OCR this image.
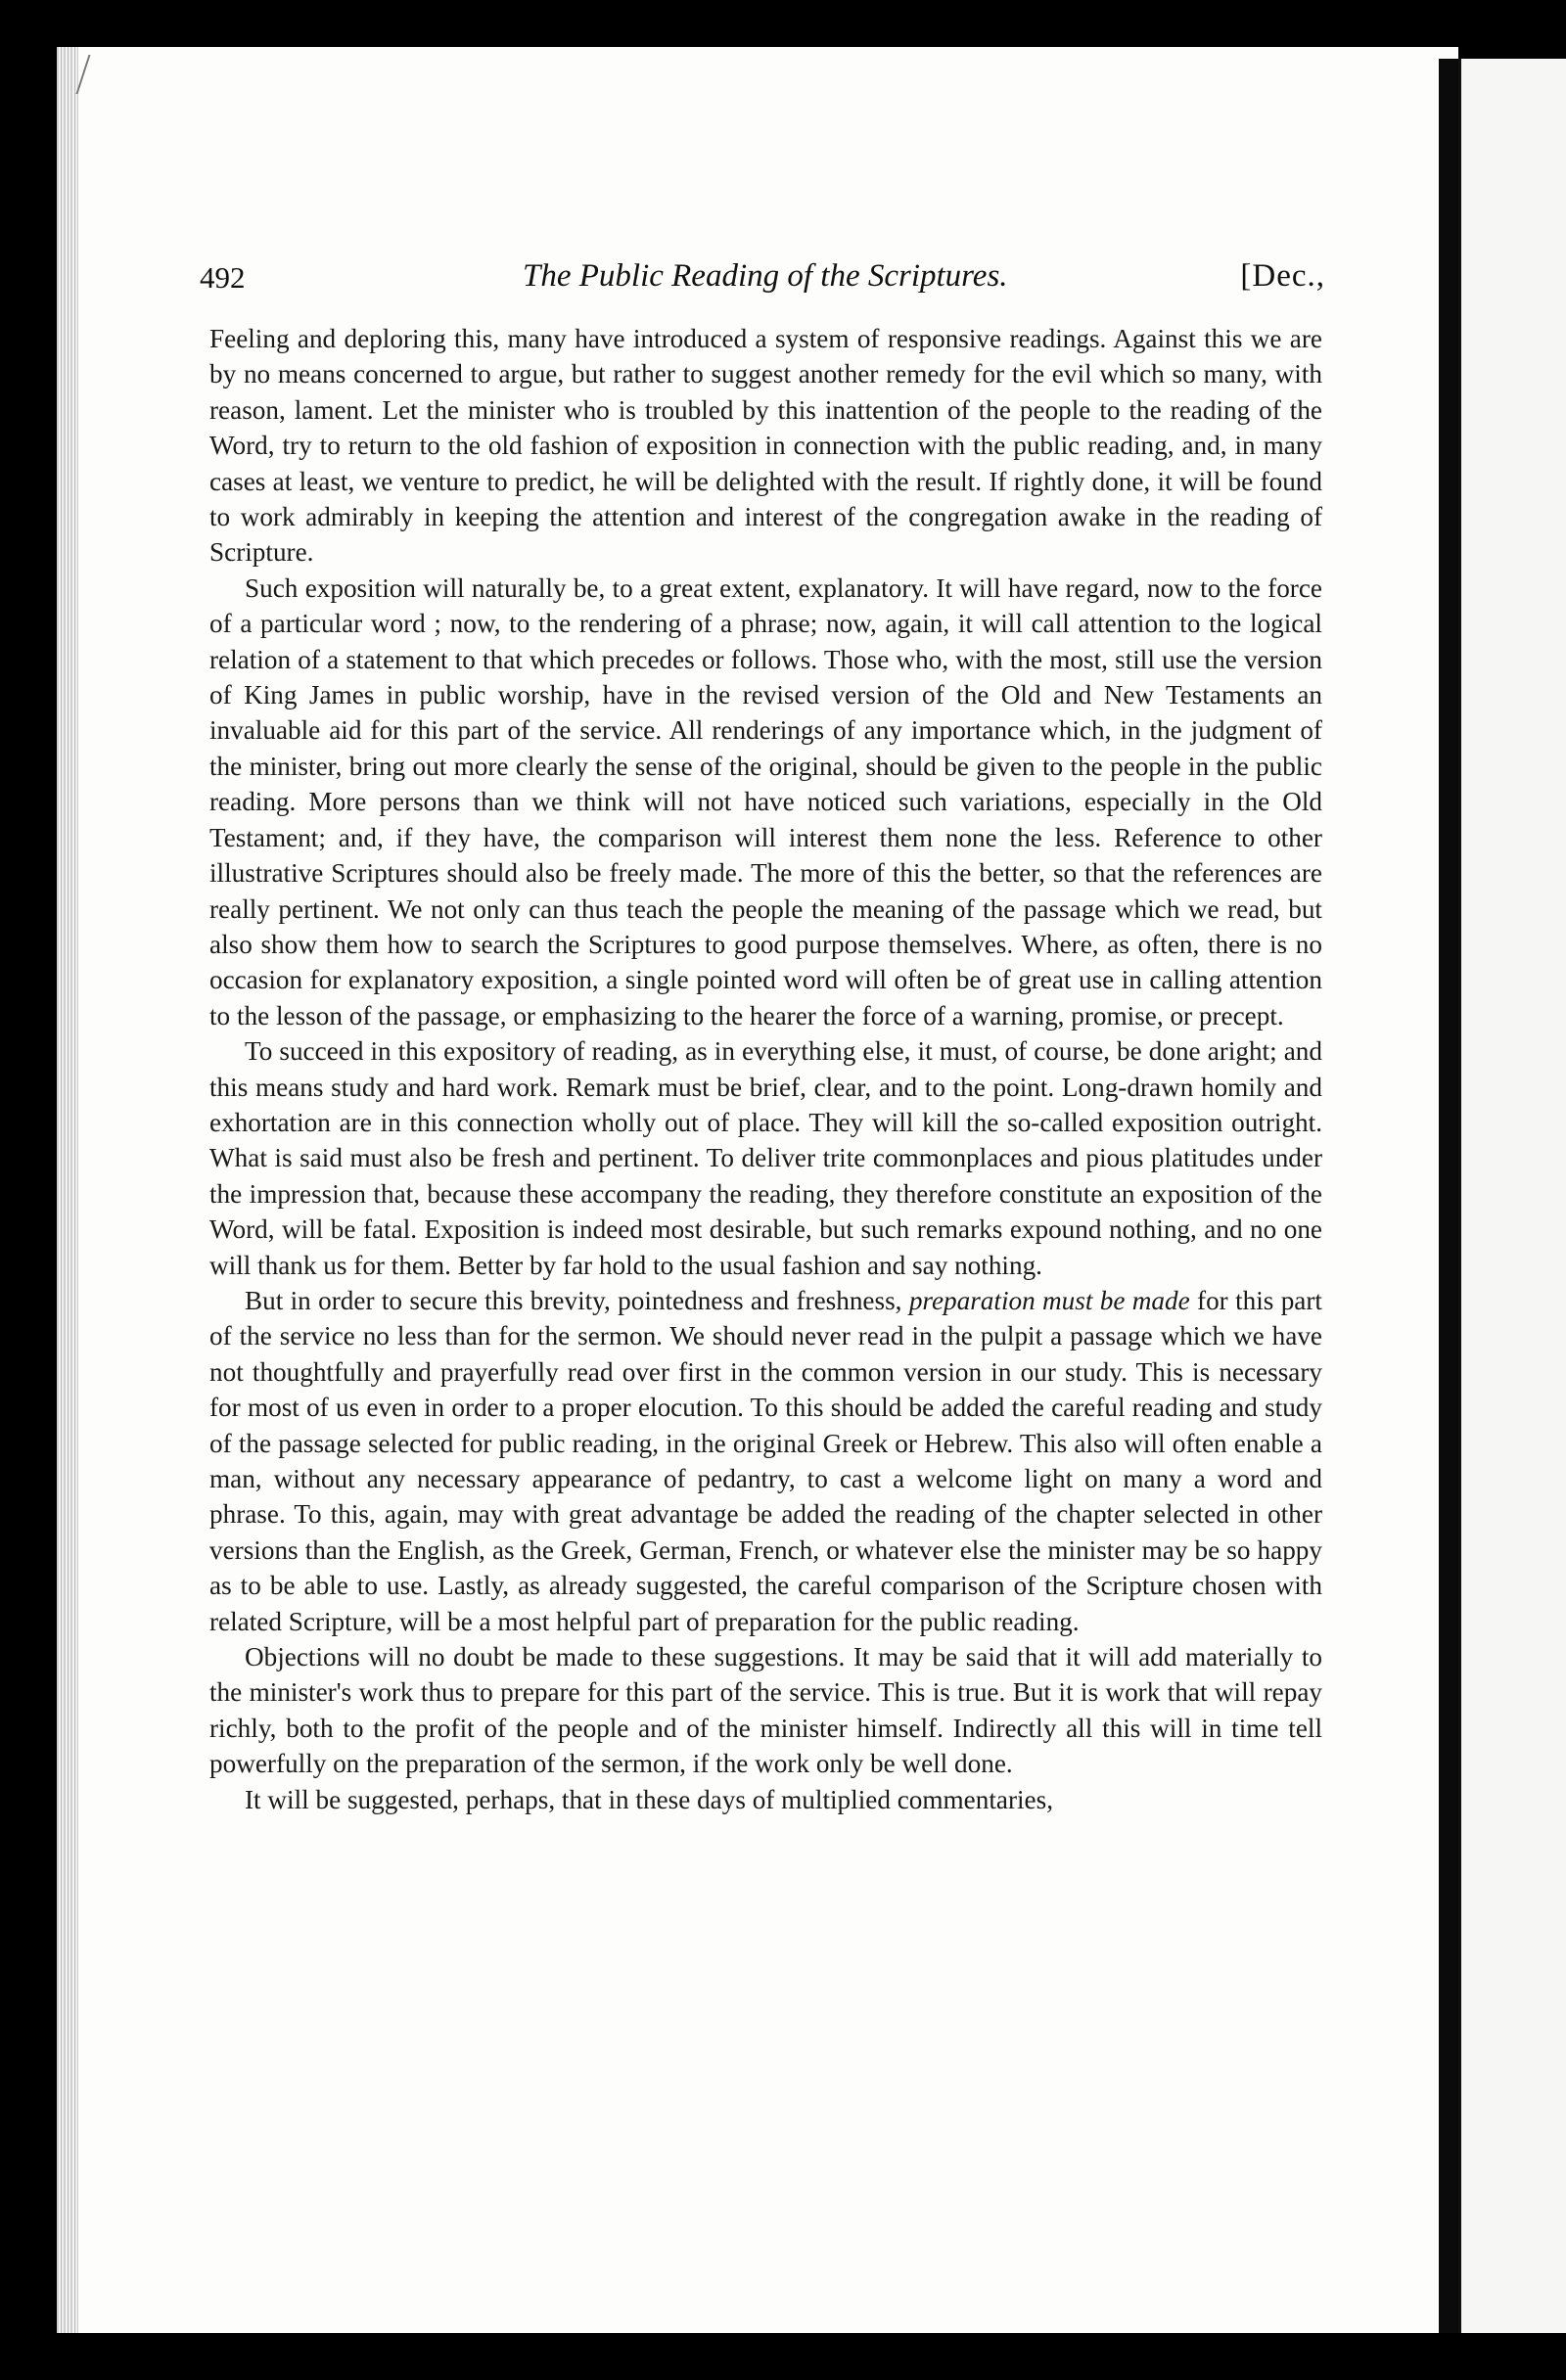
492	The Public Reading of the Scriptures.	[Dec.,

Feeling and deploring this, many have introduced a system of responsive readings. Against this we are by no means concerned to argue, but rather to suggest another remedy for the evil which so many, with reason, lament. Let the minister who is troubled by this inattention of the people to the reading of the Word, try to return to the old fashion of exposition in connection with the public reading, and, in many cases at least, we venture to predict, he will be delighted with the result. If rightly done, it will be found to work admirably in keeping the attention and interest of the congregation awake in the reading of Scripture.

Such exposition will naturally be, to a great extent, explanatory. It will have regard, now to the force of a particular word ; now, to the rendering of a phrase; now, again, it will call attention to the logical relation of a statement to that which precedes or follows. Those who, with the most, still use the version of King James in public worship, have in the revised version of the Old and New Testaments an invaluable aid for this part of the service. All renderings of any importance which, in the judgment of the minister, bring out more clearly the sense of the original, should be given to the people in the public reading. More persons than we think will not have noticed such variations, especially in the Old Testament; and, if they have, the comparison will interest them none the less. Reference to other illustrative Scriptures should also be freely made. The more of this the better, so that the references are really pertinent. We not only can thus teach the people the meaning of the passage which we read, but also show them how to search the Scriptures to good purpose themselves. Where, as often, there is no occasion for explanatory exposition, a single pointed word will often be of great use in calling attention to the lesson of the passage, or emphasizing to the hearer the force of a warning, promise, or precept.

To succeed in this expository of reading, as in everything else, it must, of course, be done aright; and this means study and hard work. Remark must be brief, clear, and to the point. Long-drawn homily and exhortation are in this connection wholly out of place. They will kill the so-called exposition outright. What is said must also be fresh and pertinent. To deliver trite commonplaces and pious platitudes under the impression that, because these accompany the reading, they therefore constitute an exposition of the Word, will be fatal. Exposition is indeed most desirable, but such remarks expound nothing, and no one will thank us for them. Better by far hold to the usual fashion and say nothing.

But in order to secure this brevity, pointedness and freshness, preparation must be made for this part of the service no less than for the sermon. We should never read in the pulpit a passage which we have not thoughtfully and prayerfully read over first in the common version in our study. This is necessary for most of us even in order to a proper elocution. To this should be added the careful reading and study of the passage selected for public reading, in the original Greek or Hebrew. This also will often enable a man, without any necessary appearance of pedantry, to cast a welcome light on many a word and phrase. To this, again, may with great advantage be added the reading of the chapter selected in other versions than the English, as the Greek, German, French, or whatever else the minister may be so happy as to be able to use. Lastly, as already suggested, the careful comparison of the Scripture chosen with related Scripture, will be a most helpful part of preparation for the public reading.

Objections will no doubt be made to these suggestions. It may be said that it will add materially to the minister's work thus to prepare for this part of the service. This is true. But it is work that will repay richly, both to the profit of the people and of the minister himself. Indirectly all this will in time tell powerfully on the preparation of the sermon, if the work only be well done.

It will be suggested, perhaps, that in these days of multiplied commentaries,
